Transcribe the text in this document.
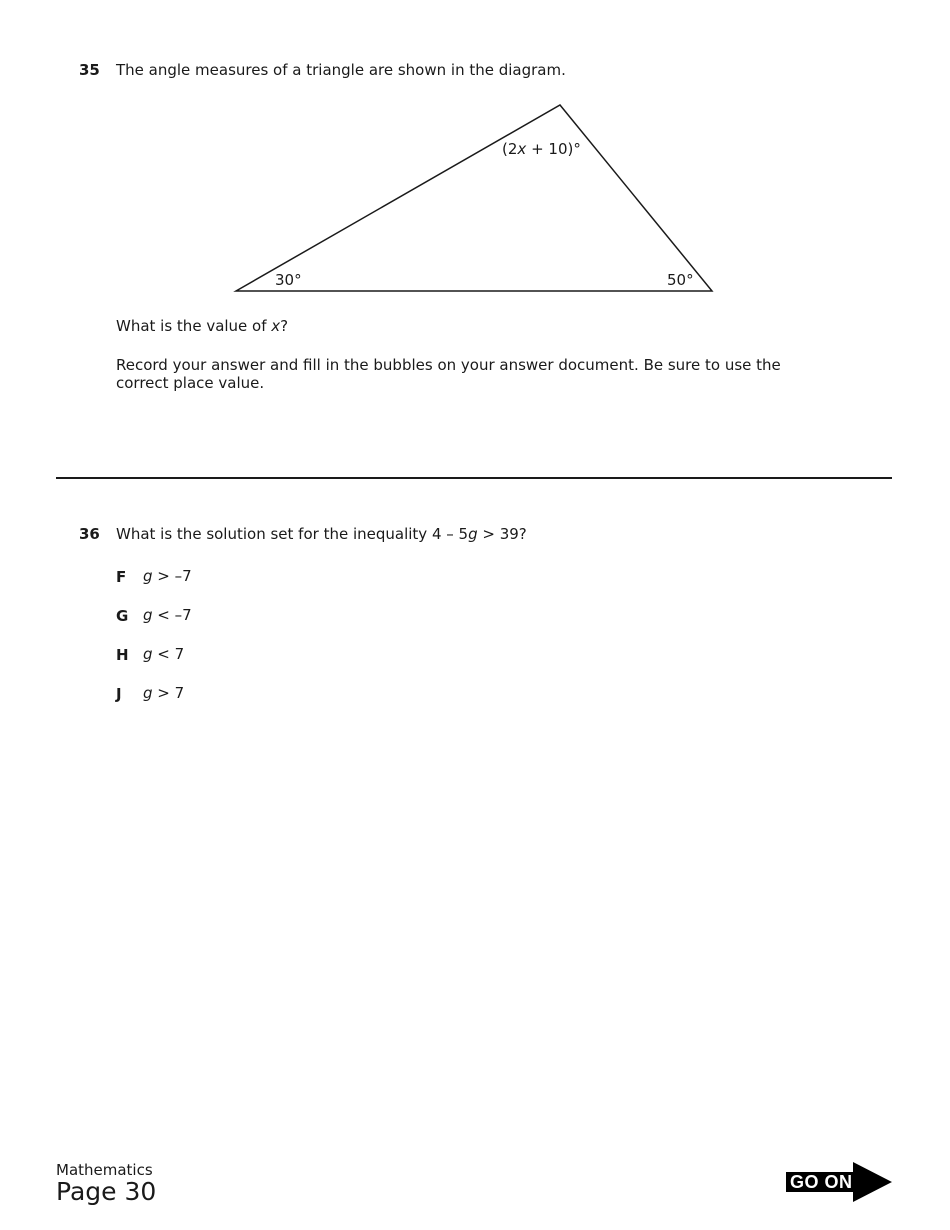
35 The angle measures of a triangle are shown in the diagram.
(2x + 10)°
30°	50°
What is the value of x?
Record your answer and fill in the bubbles on your answer document. Be sure to use the
correct place value.
36 What is the solution set for the inequality 4 – 5g > 39?
F g > –7
G g < –7
H g < 7
J g > 7
Mathematics
Page 30	GO ON
